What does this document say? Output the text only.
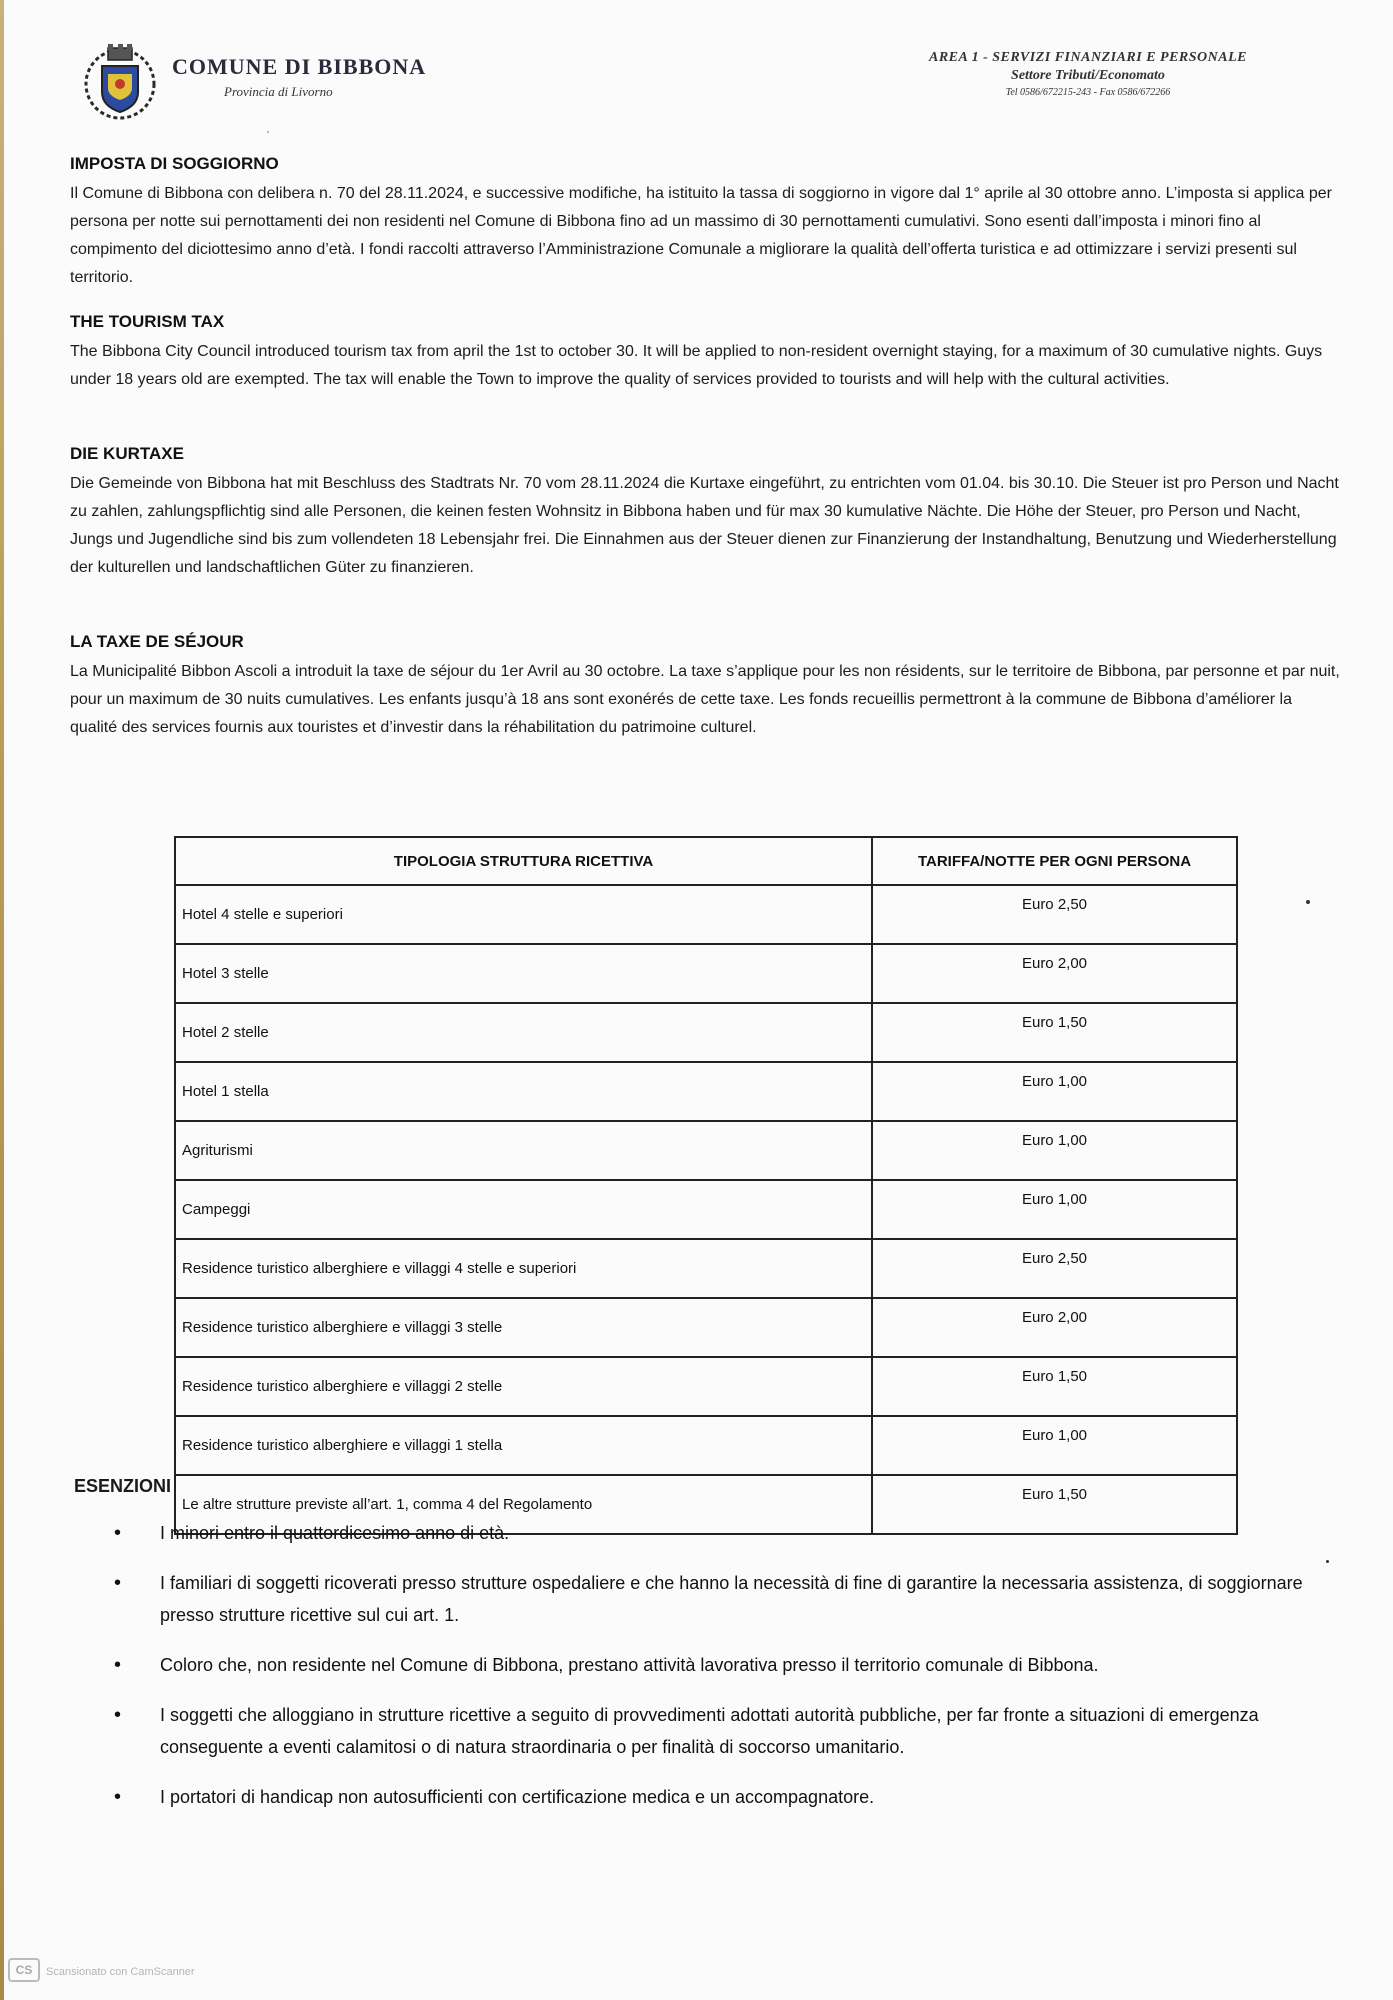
COMUNE DI BIBBONA
Provincia di Livorno
AREA 1 - SERVIZI FINANZIARI E PERSONALE
Settore Tributi/Economato
Tel 0586/672215-243 - Fax 0586/672266
'
IMPOSTA DI SOGGIORNO

Il Comune di Bibbona con delibera n. 70 del 28.11.2024, e successive modifiche, ha istituito la tassa di soggiorno in vigore dal 1° aprile al 30 ottobre anno. L’imposta si applica per persona per notte sui pernottamenti dei non residenti nel Comune di Bibbona fino ad un massimo di 30 pernottamenti cumulativi. Sono esenti dall’imposta i minori fino al compimento del diciottesimo anno d’età. I fondi raccolti attraverso l’Amministrazione Comunale a migliorare la qualità dell’offerta turistica e ad ottimizzare i servizi presenti sul territorio.

THE TOURISM TAX

The Bibbona City Council introduced tourism tax from april the 1st to october 30. It will be applied to non-resident overnight staying, for a maximum of 30 cumulative nights. Guys under 18 years old are exempted. The tax will enable the Town to improve the quality of services provided to tourists and will help with the cultural activities.

DIE KURTAXE

Die Gemeinde von Bibbona hat mit Beschluss des Stadtrats Nr. 70 vom 28.11.2024 die Kurtaxe eingeführt, zu entrichten vom 01.04. bis 30.10. Die Steuer ist pro Person und Nacht zu zahlen, zahlungspflichtig sind alle Personen, die keinen festen Wohnsitz in Bibbona haben und für max 30 kumulative Nächte. Die Höhe der Steuer, pro Person und Nacht, Jungs und Jugendliche sind bis zum vollendeten 18 Lebensjahr frei. Die Einnahmen aus der Steuer dienen zur Finanzierung der Instandhaltung, Benutzung und Wiederherstellung der kulturellen und landschaftlichen Güter zu finanzieren.

LA TAXE DE SÉJOUR

La Municipalité Bibbon Ascoli a introduit la taxe de séjour du 1er Avril au 30 octobre. La taxe s’applique pour les non résidents, sur le territoire de Bibbona, par personne et par nuit, pour un maximum de 30 nuits cumulatives. Les enfants jusqu’à 18 ans sont exonérés de cette taxe. Les fonds recueillis permettront à la commune de Bibbona d’améliorer la qualité des services fournis aux touristes et d’investir dans la réhabilitation du patrimoine culturel.

TIPOLOGIA STRUTTURA RICETTIVA	TARIFFA/NOTTE PER OGNI PERSONA
Hotel 4 stelle e superiori	Euro 2,50
Hotel 3 stelle	Euro 2,00
Hotel 2 stelle	Euro 1,50
Hotel 1 stella	Euro 1,00
Agriturismi	Euro 1,00
Campeggi	Euro 1,00
Residence turistico alberghiere e villaggi 4 stelle e superiori	Euro 2,50
Residence turistico alberghiere e villaggi 3 stelle	Euro 2,00
Residence turistico alberghiere e villaggi 2 stelle	Euro 1,50
Residence turistico alberghiere e villaggi 1 stella	Euro 1,00
Le altre strutture previste all’art. 1, comma 4 del Regolamento	Euro 1,50
ESENZIONI
• I minori entro il quattordicesimo anno di età.
• I familiari di soggetti ricoverati presso strutture ospedaliere e che hanno la necessità di fine di garantire la necessaria assistenza, di soggiornare presso strutture ricettive sul cui art. 1.
• Coloro che, non residente nel Comune di Bibbona, prestano attività lavorativa presso il territorio comunale di Bibbona.
• I soggetti che alloggiano in strutture ricettive a seguito di provvedimenti adottati autorità pubbliche, per far fronte a situazioni di emergenza conseguente a eventi calamitosi o di natura straordinaria o per finalità di soccorso umanitario.
• I portatori di handicap non autosufficienti con certificazione medica e un accompagnatore.
CS	Scansionato con CamScanner
